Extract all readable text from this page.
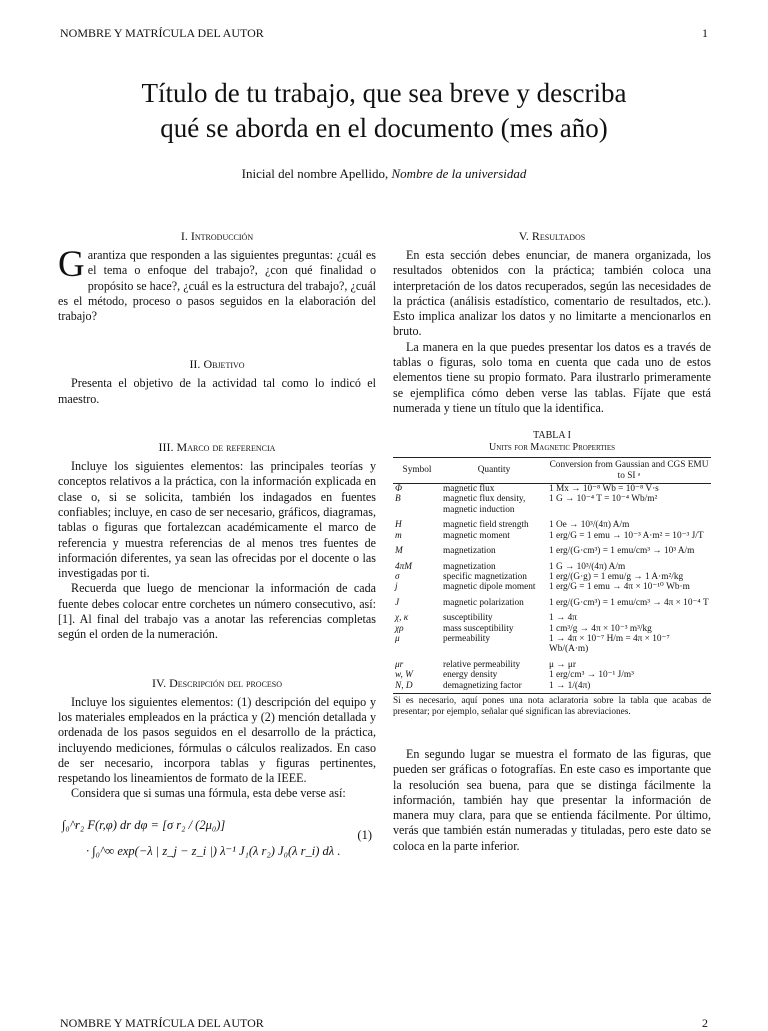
NOMBRE Y MATRÍCULA DEL AUTOR	1
Título de tu trabajo, que sea breve y describa
qué se aborda en el documento (mes año)
Inicial del nombre Apellido, Nombre de la universidad
I. Introducción

Garantiza que responden a las siguientes preguntas: ¿cuál es el tema o enfoque del trabajo?, ¿con qué finalidad o propósito se hace?, ¿cuál es la estructura del trabajo?, ¿cuál es el método, proceso o pasos seguidos en la elaboración del trabajo?

II. Objetivo

Presenta el objetivo de la actividad tal como lo indicó el maestro.

III. Marco de referencia

Incluye los siguientes elementos: las principales teorías y conceptos relativos a la práctica, con la información explicada en clase o, si se solicita, también los indagados en fuentes confiables; incluye, en caso de ser necesario, gráficos, diagramas, tablas o figuras que fortalezcan académicamente el marco de referencia y muestra referencias de al menos tres fuentes de información diferentes, ya sean las ofrecidas por el docente o las investigadas por ti.

Recuerda que luego de mencionar la información de cada fuente debes colocar entre corchetes un número consecutivo, así: [1]. Al final del trabajo vas a anotar las referencias completas según el orden de la numeración.

IV. Descripción del proceso

Incluye los siguientes elementos: (1) descripción del equipo y los materiales empleados en la práctica y (2) mención detallada y ordenada de los pasos seguidos en el desarrollo de la práctica, incluyendo mediciones, fórmulas o cálculos realizados. En caso de ser necesario, incorpora tablas y figuras pertinentes, respetando los lineamientos de formato de la IEEE.

Considera que si sumas una fórmula, esta debe verse así:

∫₀^r₂ F(r,φ) dr dφ = [σ r₂ / (2μ₀)]
· ∫₀^∞ exp(−λ | z_j − z_i |) λ⁻¹ J₁(λ r₂) J₀(λ r_i) dλ .
(1)
V. Resultados

En esta sección debes enunciar, de manera organizada, los resultados obtenidos con la práctica; también coloca una interpretación de los datos recuperados, según las necesidades de la práctica (análisis estadístico, comentario de resultados, etc.). Esto implica analizar los datos y no limitarte a mencionarlos en bruto.

La manera en la que puedes presentar los datos es a través de tablas o figuras, solo toma en cuenta que cada uno de estos elementos tiene su propio formato. Para ilustrarlo primeramente se ejemplifica cómo deben verse las tablas. Fíjate que está numerada y tiene un título que la identifica.

TABLA I
Units for Magnetic Properties
Symbol	Quantity	Conversion from Gaussian and CGS EMU to SI ᵃ
Φ	magnetic flux	1 Mx → 10⁻⁸ Wb = 10⁻⁸ V·s
B	magnetic flux density, magnetic induction	1 G → 10⁻⁴ T = 10⁻⁴ Wb/m²
H	magnetic field strength	1 Oe → 10³/(4π) A/m
m	magnetic moment	1 erg/G = 1 emu → 10⁻³ A·m² = 10⁻³ J/T
M	magnetization	1 erg/(G·cm³) = 1 emu/cm³ → 10³ A/m
4πM	magnetization	1 G → 10³/(4π) A/m
σ	specific magnetization	1 erg/(G·g) = 1 emu/g → 1 A·m²/kg
j	magnetic dipole moment	1 erg/G = 1 emu → 4π × 10⁻¹⁰ Wb·m
J	magnetic polarization	1 erg/(G·cm³) = 1 emu/cm³ → 4π × 10⁻⁴ T
χ, κ	susceptibility	1 → 4π
χρ	mass susceptibility	1 cm³/g → 4π × 10⁻³ m³/kg
μ	permeability	1 → 4π × 10⁻⁷ H/m = 4π × 10⁻⁷ Wb/(A·m)
μr	relative permeability	μ → μr
w, W	energy density	1 erg/cm³ → 10⁻¹ J/m³
N, D	demagnetizing factor	1 → 1/(4π)
Si es necesario, aquí pones una nota aclaratoria sobre la tabla que acabas de presentar; por ejemplo, señalar qué significan las abreviaciones.

En segundo lugar se muestra el formato de las figuras, que pueden ser gráficas o fotografías. En este caso es importante que la resolución sea buena, para que se distinga fácilmente la información, también hay que presentar la información de manera muy clara, para que se entienda fácilmente. Por último, verás que también están numeradas y tituladas, pero este dato se coloca en la parte inferior.

NOMBRE Y MATRÍCULA DEL AUTOR	2
